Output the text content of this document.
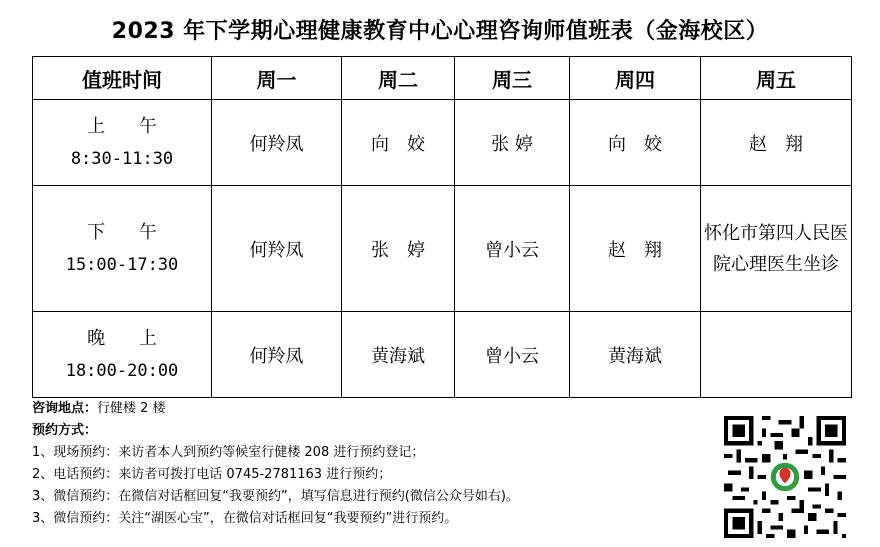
2023 年下学期心理健康教育中心心理咨询师值班表（金海校区）
值班时间	周一	周二	周三	周四	周五

上 午
8:30-11:30	何羚凤	向　姣	张 婷	向　姣	赵　翔

下 午
15:00-17:30	何羚凤	张　婷	曾小云	赵　翔	怀化市第四人民医院心理医生坐诊

晚 上
18:00-20:00	何羚凤	黄海斌	曾小云	黄海斌	

咨询地点：行健楼 2 楼

预约方式：

1、现场预约：来访者本人到预约等候室行健楼 208 进行预约登记；

2、电话预约：来访者可拨打电话 0745-2781163 进行预约；

3、微信预约：在微信对话框回复“我要预约”，填写信息进行预约(微信公众号如右)。

3、微信预约：关注“湖医心宝”，在微信对话框回复“我要预约”进行预约。
